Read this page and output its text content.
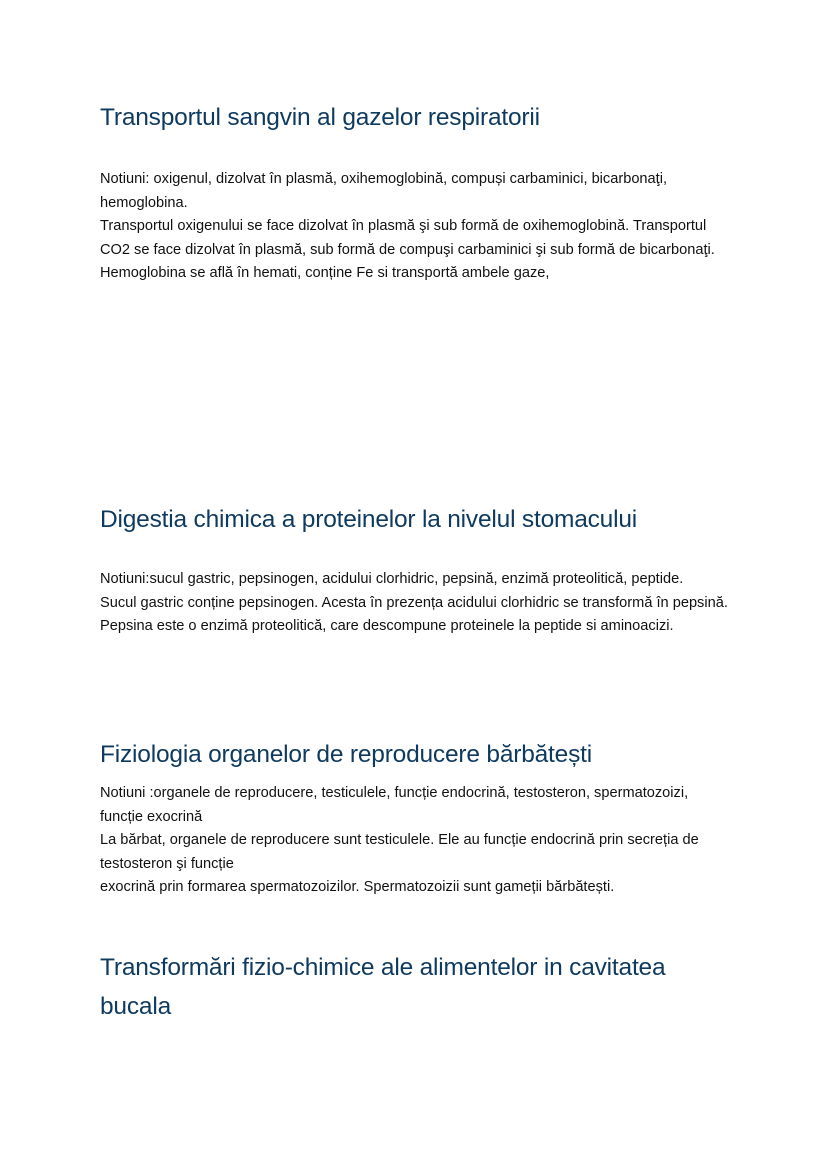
Transportul sangvin al gazelor respiratorii

Notiuni: oxigenul, dizolvat în plasmă, oxihemoglobină, compuși carbaminici, bicarbonaţi, hemoglobina.

Transportul oxigenului se face dizolvat în plasmă şi sub formă de oxihemoglobină. Transportul CO2 se face dizolvat în plasmă, sub formă de compuşi carbaminici şi sub formă de bicarbonaţi. Hemoglobina se află în hemati, conține Fe si transportă ambele gaze,

Digestia chimica a proteinelor la nivelul stomacului

Notiuni:sucul gastric, pepsinogen, acidului clorhidric, pepsină, enzimă proteolitică, peptide.

Sucul gastric conține pepsinogen. Acesta în prezența acidului clorhidric se transformă în pepsină. Pepsina este o enzimă proteolitică, care descompune proteinele la peptide si aminoacizi.

Fiziologia organelor de reproducere bărbătești

Notiuni :organele de reproducere, testiculele, funcție endocrină, testosteron, spermatozoizi, funcție exocrină

La bărbat, organele de reproducere sunt testiculele. Ele au funcție endocrină prin secreția de testosteron şi funcție

exocrină prin formarea spermatozoizilor. Spermatozoizii sunt gameții bărbătești.

Transformări fizio-chimice ale alimentelor in cavitatea bucala
